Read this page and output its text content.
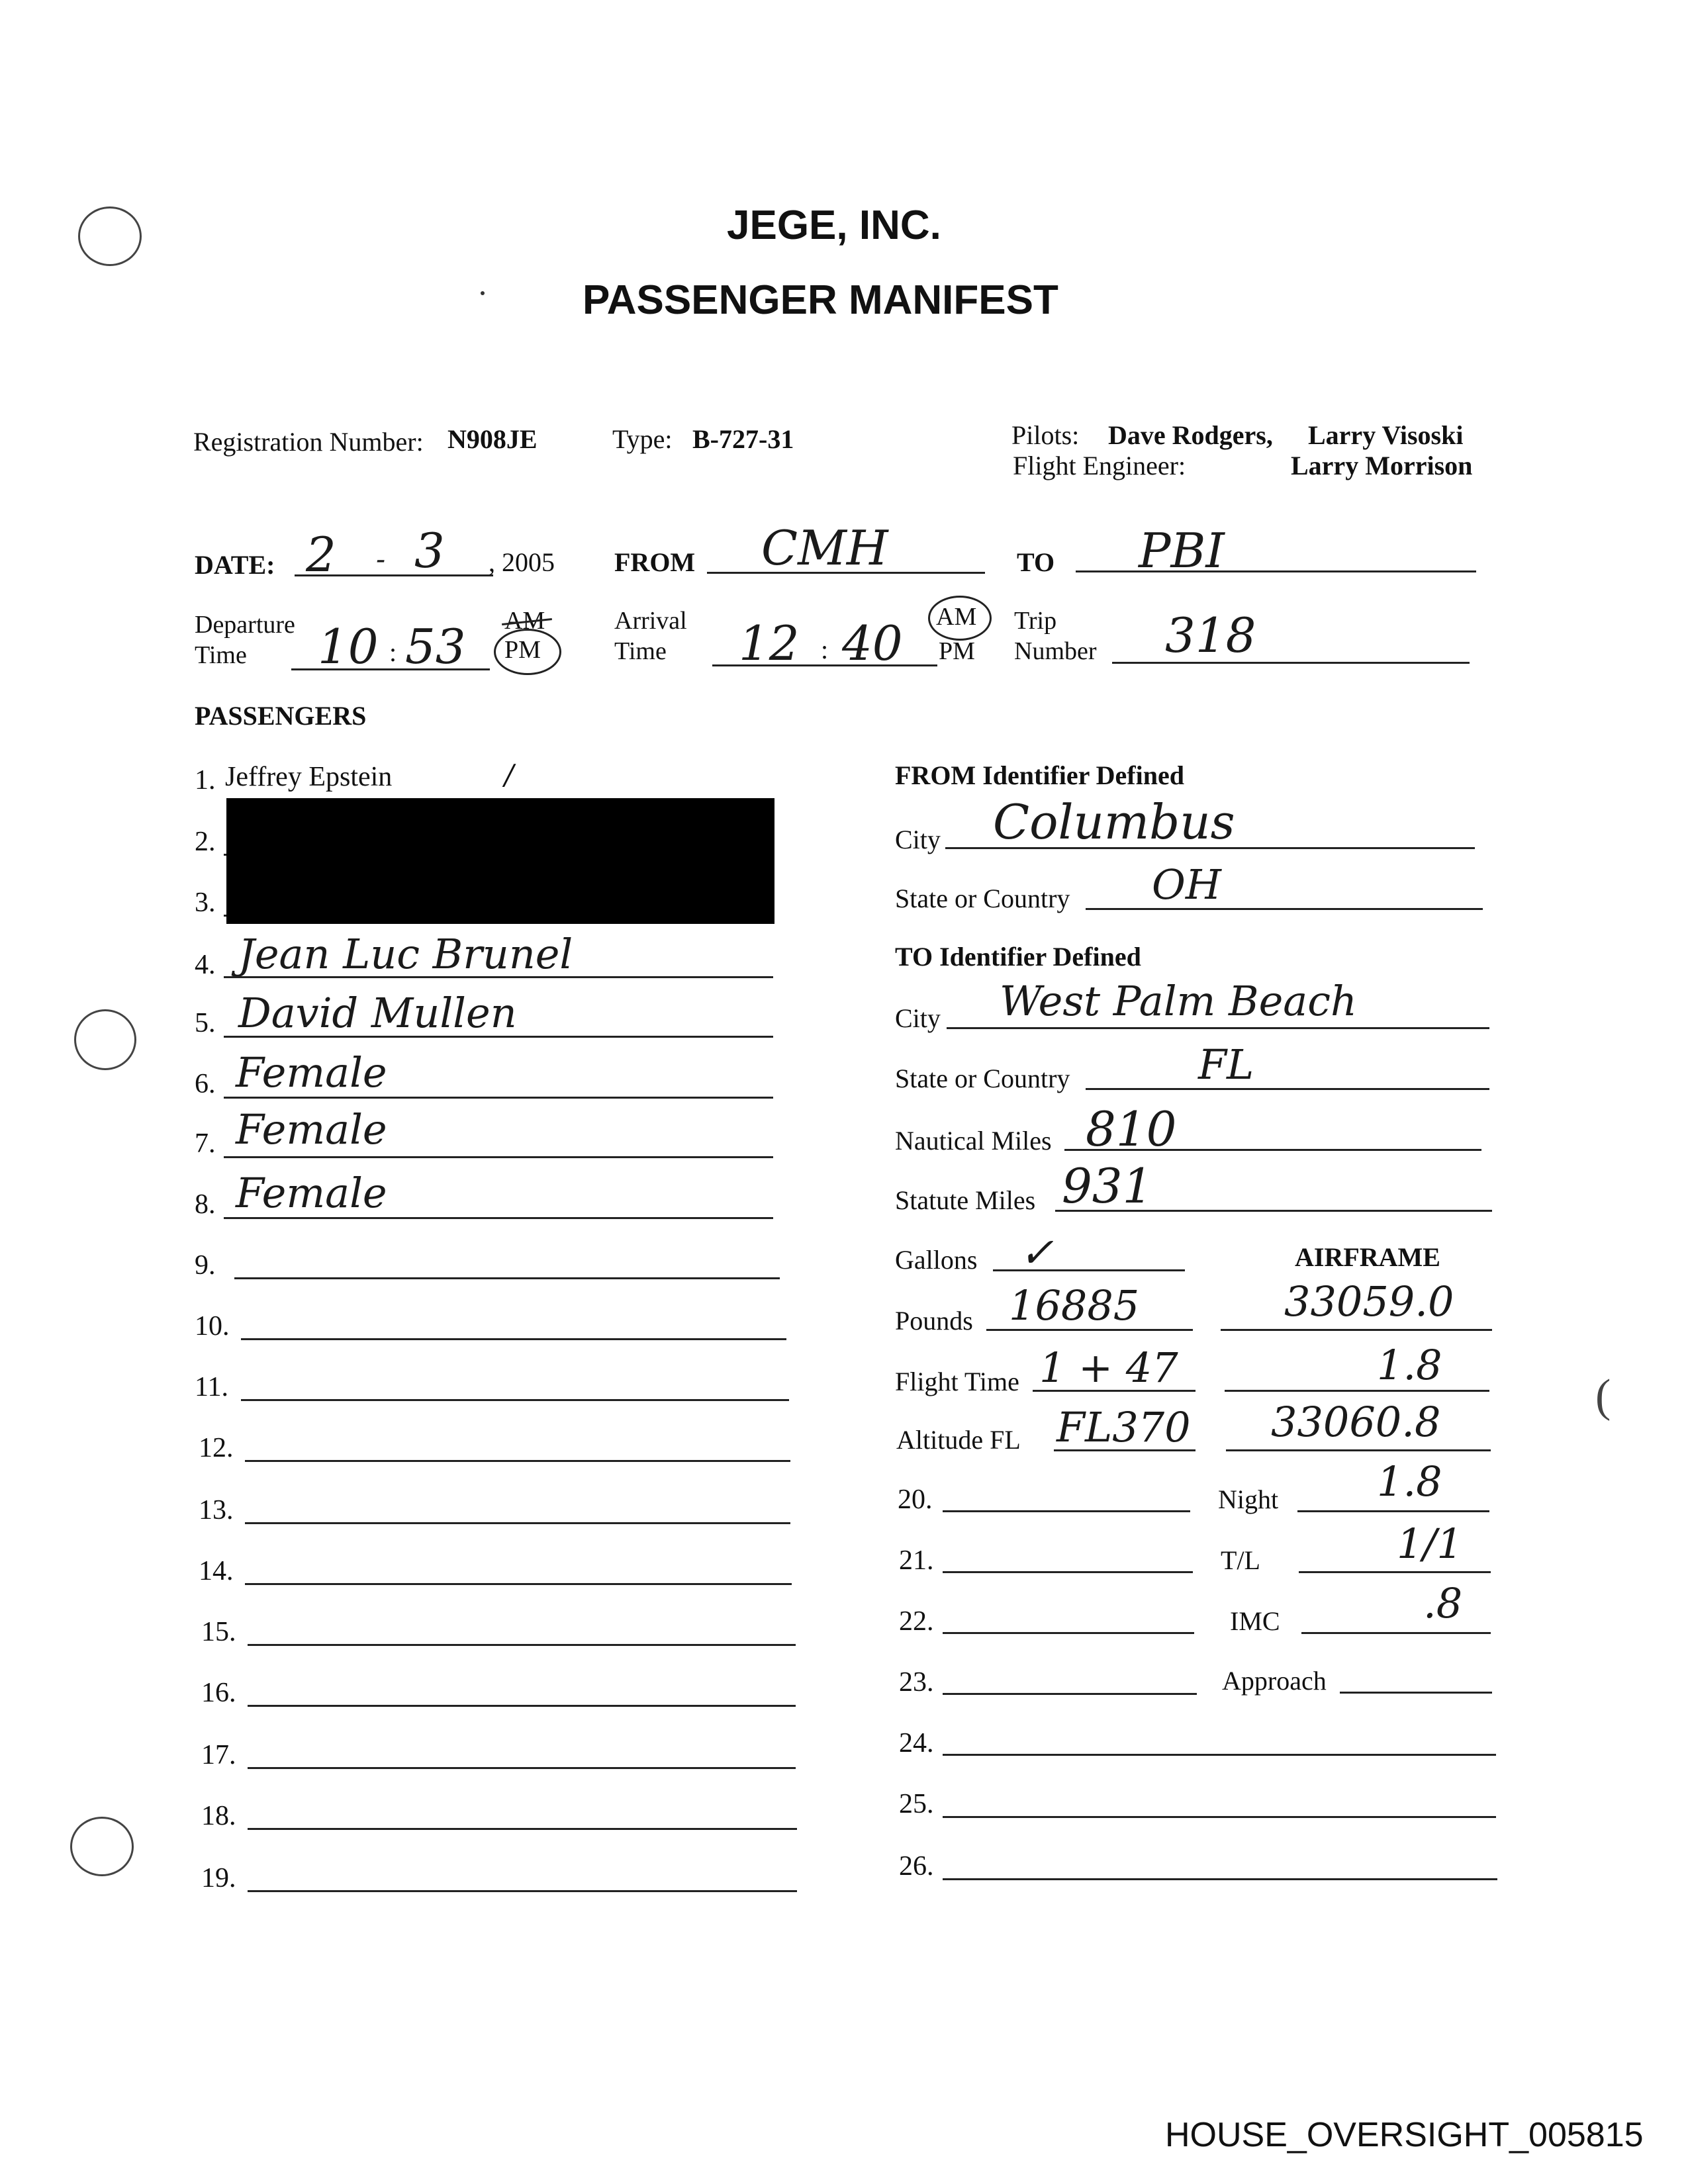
(
JEGE, INC.
PASSENGER MANIFEST
Registration Number: N908JE	Type: B-727-31	Pilots: Dave Rodgers, Larry Visoski
Flight Engineer:	Larry Morrison
DATE: 2 - 3 , 2005 FROM CMH	TO PBI
Departure
Time 10 : 53 AM
PM
Arrival
Time 12 : 40 AM
PM
Trip
Number 318
PASSENGERS
1. Jeffrey Epstein	/
2.
3.
4. Jean Luc Brunel
5. David Mullen
6. Female
7. Female
8. Female
9.
10.
11.
12.
13.
14.
15.
16.
17.
18.
19.
FROM Identifier Defined
City Columbus
State or Country OH
TO Identifier Defined
City West Palm Beach
State or Country	FL
Nautical Miles 810
Statute Miles 931
Gallons ✓	AIRFRAME
Pounds 16885	33059.0
Flight Time 1 + 47	1.8
Altitude FL FL370 33060.8
20.	Night 1.8
21.	T/L	1/1
22.	IMC	.8
23.	Approach
24.
25.
26.
HOUSE_OVERSIGHT_005815
